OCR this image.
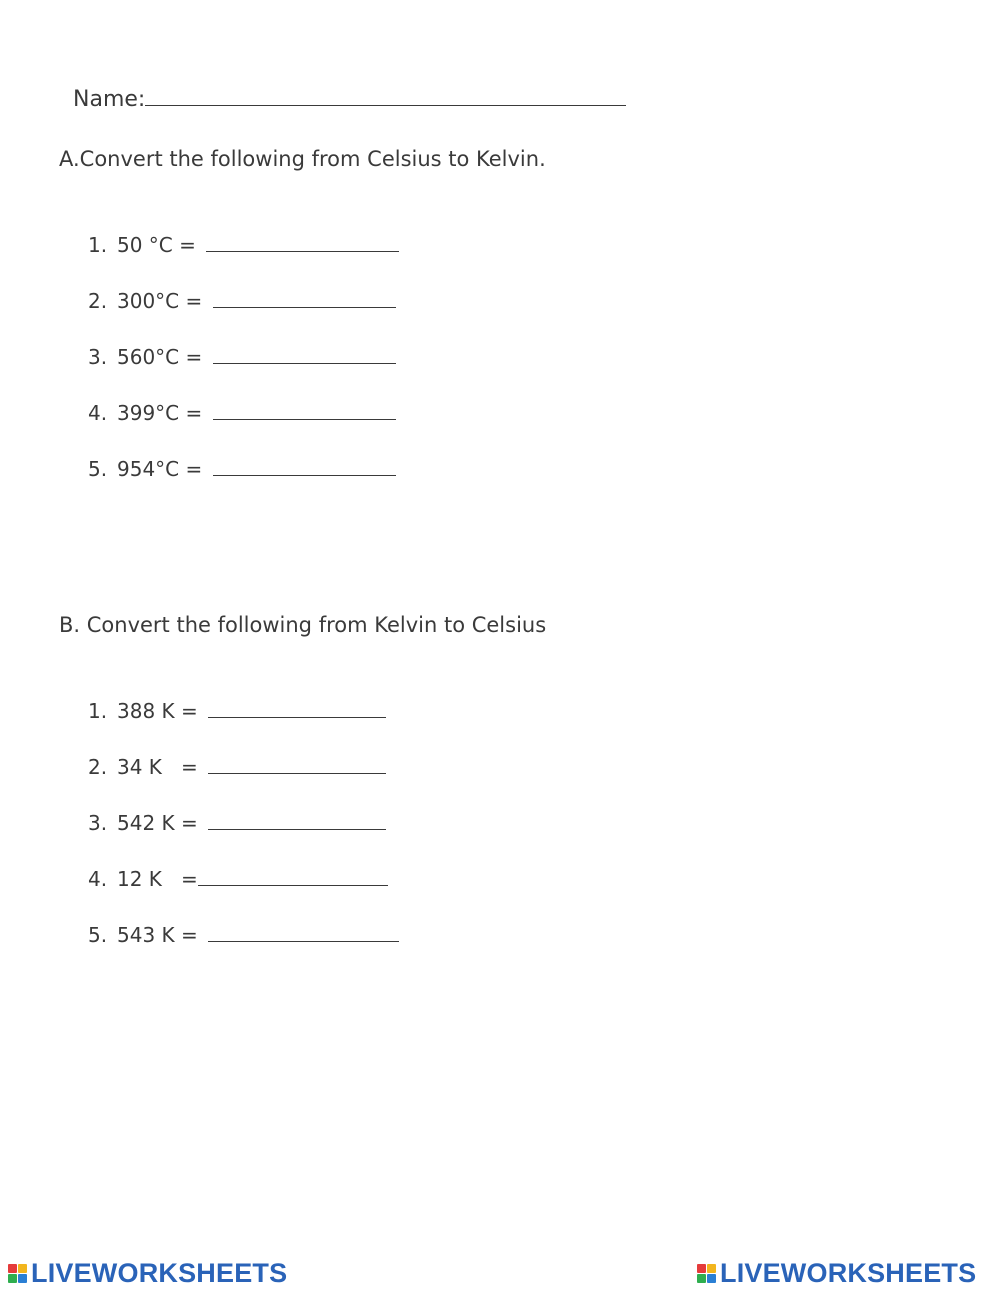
Name:

A.Convert the following from Celsius to Kelvin.
1. 50 °C =
2. 300°C =
3. 560°C =
4. 399°C =
5. 954°C =
B. Convert the following from Kelvin to Celsius
1. 388 K =
2. 34 K   =
3. 542 K =
4. 12 K   =
5. 543 K =
LIVEWORKSHEETS	LIVEWORKSHEETS
